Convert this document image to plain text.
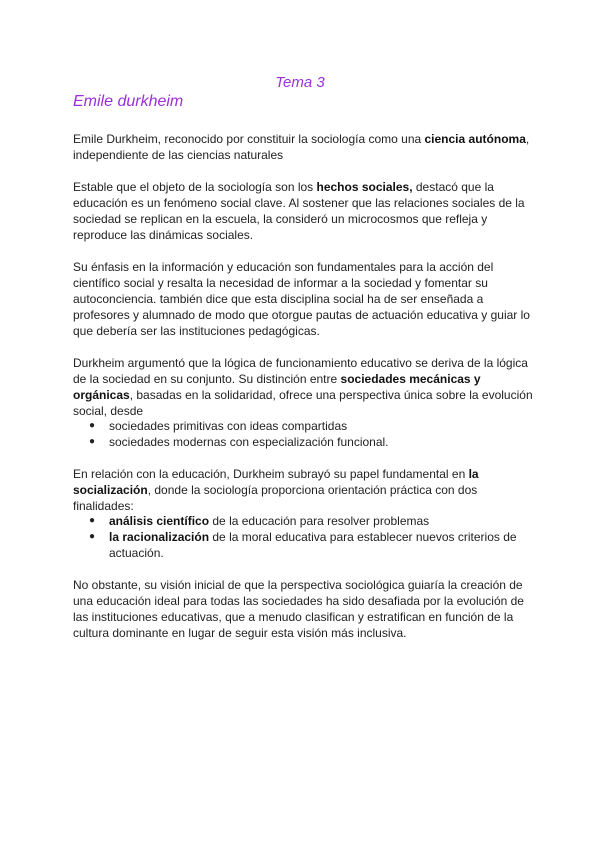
Tema 3
Emile durkheim

Emile Durkheim, reconocido por constituir la sociología como una ciencia autónoma, independiente de las ciencias naturales

Estable que el objeto de la sociología son los hechos sociales, destacó que la educación es un fenómeno social clave. Al sostener que las relaciones sociales de la sociedad se replican en la escuela, la consideró un microcosmos que refleja y reproduce las dinámicas sociales.

Su énfasis en la información y educación son fundamentales para la acción del científico social y resalta la necesidad de informar a la sociedad y fomentar su autoconciencia. también dice que esta disciplina social ha de ser enseñada a profesores y alumnado de modo que otorgue pautas de actuación educativa y guiar lo que debería ser las instituciones pedagógicas.

Durkheim argumentó que la lógica de funcionamiento educativo se deriva de la lógica de la sociedad en su conjunto. Su distinción entre sociedades mecánicas y orgánicas, basadas en la solidaridad, ofrece una perspectiva única sobre la evolución social, desde

● sociedades primitivas con ideas compartidas
● sociedades modernas con especialización funcional.

En relación con la educación, Durkheim subrayó su papel fundamental en la socialización, donde la sociología proporciona orientación práctica con dos finalidades:

● análisis científico de la educación para resolver problemas
● la racionalización de la moral educativa para establecer nuevos criterios de actuación.

No obstante, su visión inicial de que la perspectiva sociológica guiaría la creación de una educación ideal para todas las sociedades ha sido desafiada por la evolución de las instituciones educativas, que a menudo clasifican y estratifican en función de la cultura dominante en lugar de seguir esta visión más inclusiva.
